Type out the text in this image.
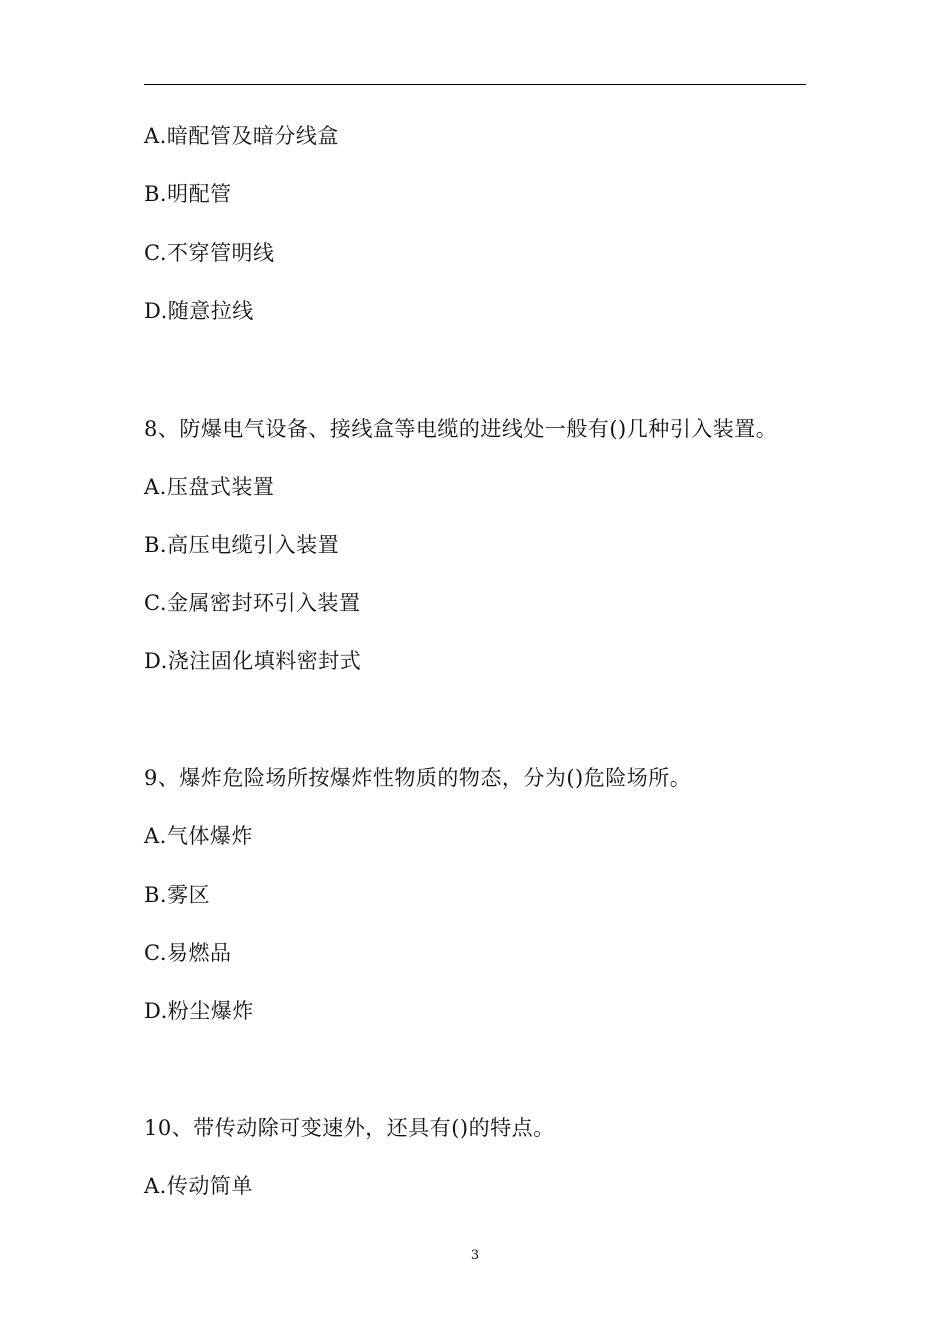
A.暗配管及暗分线盒
B.明配管
C.不穿管明线
D.随意拉线
8、防爆电气设备、接线盒等电缆的进线处一般有()几种引入装置。
A.压盘式装置
B.高压电缆引入装置
C.金属密封环引入装置
D.浇注固化填料密封式
9、爆炸危险场所按爆炸性物质的物态，分为()危险场所。
A.气体爆炸
B.雾区
C.易燃品
D.粉尘爆炸
10、带传动除可变速外，还具有()的特点。
A.传动简单
3
